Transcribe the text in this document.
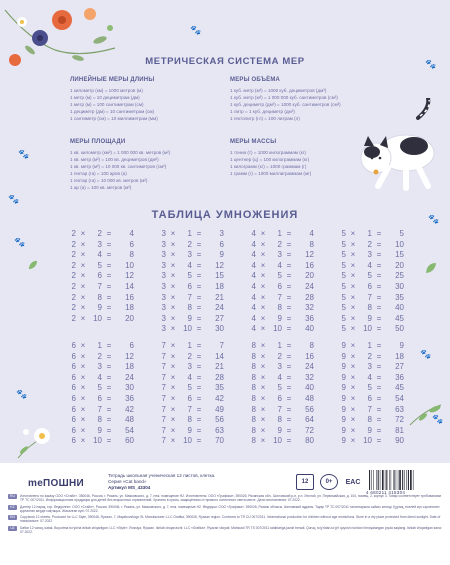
🐾
🐾
🐾
🐾
🐾
🐾
🐾
🐾
🐾
МЕТРИЧЕСКАЯ СИСТЕМА МЕР
ЛИНЕЙНЫЕ МЕРЫ ДЛИНЫ
1 километр (км) = 1000 метров (м)
1 метр (м) = 10 дециметрам (дм)
1 метр (м) = 100 сантиметрам (см)
1 дециметр (дм) = 10 сантиметрам (см)
1 сантиметр (см) = 10 миллиметрам (мм)
МЕРЫ ОБЪЁМА
1 куб. метр (м³) = 1000 куб. дециметров (дм³)
1 куб. метр (м³) = 1 000 000 куб. сантиметров (см³)
1 куб. дециметр (дм³) = 1000 куб. сантиметров (см³)
1 литр = 1 куб. дециметр (дм³)
1 гектолитр (гл) = 100 литрам (л)
МЕРЫ ПЛОЩАДИ
1 кв. километр (км²) = 1 000 000 кв. метров (м²)
1 кв. метр (м²) = 100 кв. дециметров (дм²)
1 кв. метр (м²) = 10 000 кв. сантиметров (см²)
1 гектар (га) = 100 аров (а)
1 гектар (га) = 10 000 кв. метров (м²)
1 ар (а) = 100 кв. метров (м²)
МЕРЫ МАССЫ
1 тонна (т) = 1000 килограммам (кг)
1 центнер (ц) = 100 килограммам (кг)
1 килограмм (кг) = 1000 граммам (г)
1 грамм (г) = 1000 миллиграммам (мг)
ТАБЛИЦА УМНОЖЕНИЯ
2 × 2 = 4
2 × 3 = 6
2 × 4 = 8
2 × 5 = 10
2 × 6 = 12
2 × 7 = 14
2 × 8 = 16
2 × 9 = 18
2 × 10 = 20
3 × 1 = 3
3 × 2 = 6
3 × 3 = 9
3 × 4 = 12
3 × 5 = 15
3 × 6 = 18
3 × 7 = 21
3 × 8 = 24
3 × 9 = 27
3 × 10 = 30
4 × 1 = 4
4 × 2 = 8
4 × 3 = 12
4 × 4 = 16
4 × 5 = 20
4 × 6 = 24
4 × 7 = 28
4 × 8 = 32
4 × 9 = 36
4 × 10 = 40
5 × 1 = 5
5 × 2 = 10
5 × 3 = 15
5 × 4 = 20
5 × 5 = 25
5 × 6 = 30
5 × 7 = 35
5 × 8 = 40
5 × 9 = 45
5 × 10 = 50
6 × 1 = 6
6 × 2 = 12
6 × 3 = 18
6 × 4 = 24
6 × 5 = 30
6 × 6 = 36
6 × 7 = 42
6 × 8 = 48
6 × 9 = 54
6 × 10 = 60
7 × 1 = 7
7 × 2 = 14
7 × 3 = 21
7 × 4 = 28
7 × 5 = 35
7 × 6 = 42
7 × 7 = 49
7 × 8 = 56
7 × 9 = 63
7 × 10 = 70
8 × 1 = 8
8 × 2 = 16
8 × 3 = 24
8 × 4 = 32
8 × 5 = 40
8 × 6 = 48
8 × 7 = 56
8 × 8 = 64
8 × 9 = 72
8 × 10 = 80
9 × 1 = 9
9 × 2 = 18
9 × 3 = 27
9 × 4 = 36
9 × 5 = 45
9 × 6 = 54
9 × 7 = 63
9 × 8 = 72
9 × 9 = 81
9 × 10 = 90
meПОШНИ
Тетрадь школьная ученическая 12 листов, клетка.
Серия «Cat band»
Артикул MS_43304
12	0+	EAC
4 680211 415304
RU	Изготовлено по заказу ООО «Стайл». 350046, Россия, г. Рязань, ул. Маяковского, д. 7, неж. помещение Н2. Изготовитель: ООО «Графика», 390026, Рязанская обл., Шиловский р-н, р.п. Лесной, ул. Первомайская, д. 104, помещ. 2, корпус 3. Товар соответствует требованиям ТР ТС 007/2011. Информационная продукция для детей без возрастных ограничений. Хранить в сухом, защищённом от прямого солнечного света месте. Дата изготовления: 07.2022.
KZ	Дәптер 12 парақ, тор. Өндірілген: ООО «Стайл», Россия, 390046, г. Рязань, ул. Маяковского, д. 7, неж. помещение Н2. Өндіруші: ООО «Графика». 390026, Рязань облысы, Шиловский ауданы. Тауар ТР ТС 007/2011 талаптарына сәйкес келеді. Құрғақ, тікелей күн сәулесінен қорғалған жерде сақтаңыз. Жасалған күні: 07.2022.
EN	Copybook 12 sheets. Produced for LLC Style, 390046, Ryazan, 7, Mayakovskogo St. Manufacturer: LLC Grafika, 390026, Ryazan region. Conforms to TR CU 007/2011. Informational production for children without age restrictions. Store in a dry place protected from direct sunlight. Date of manufacture: 07.2022.
UZ	Daftar 12 varaq, katak. Buyurtma bo'yicha ishlab chiqarilgan: LLC «Style», Rossiya, Ryazan. Ishlab chiqaruvchi: LLC «Grafika», Ryazan viloyati. Mahsulot TR TS 007/2011 talablariga javob beradi. Quruq, to'g'ridan-to'g'ri quyosh nuridan himoyalangan joyda saqlang. Ishlab chiqarilgan sana: 07.2022.
